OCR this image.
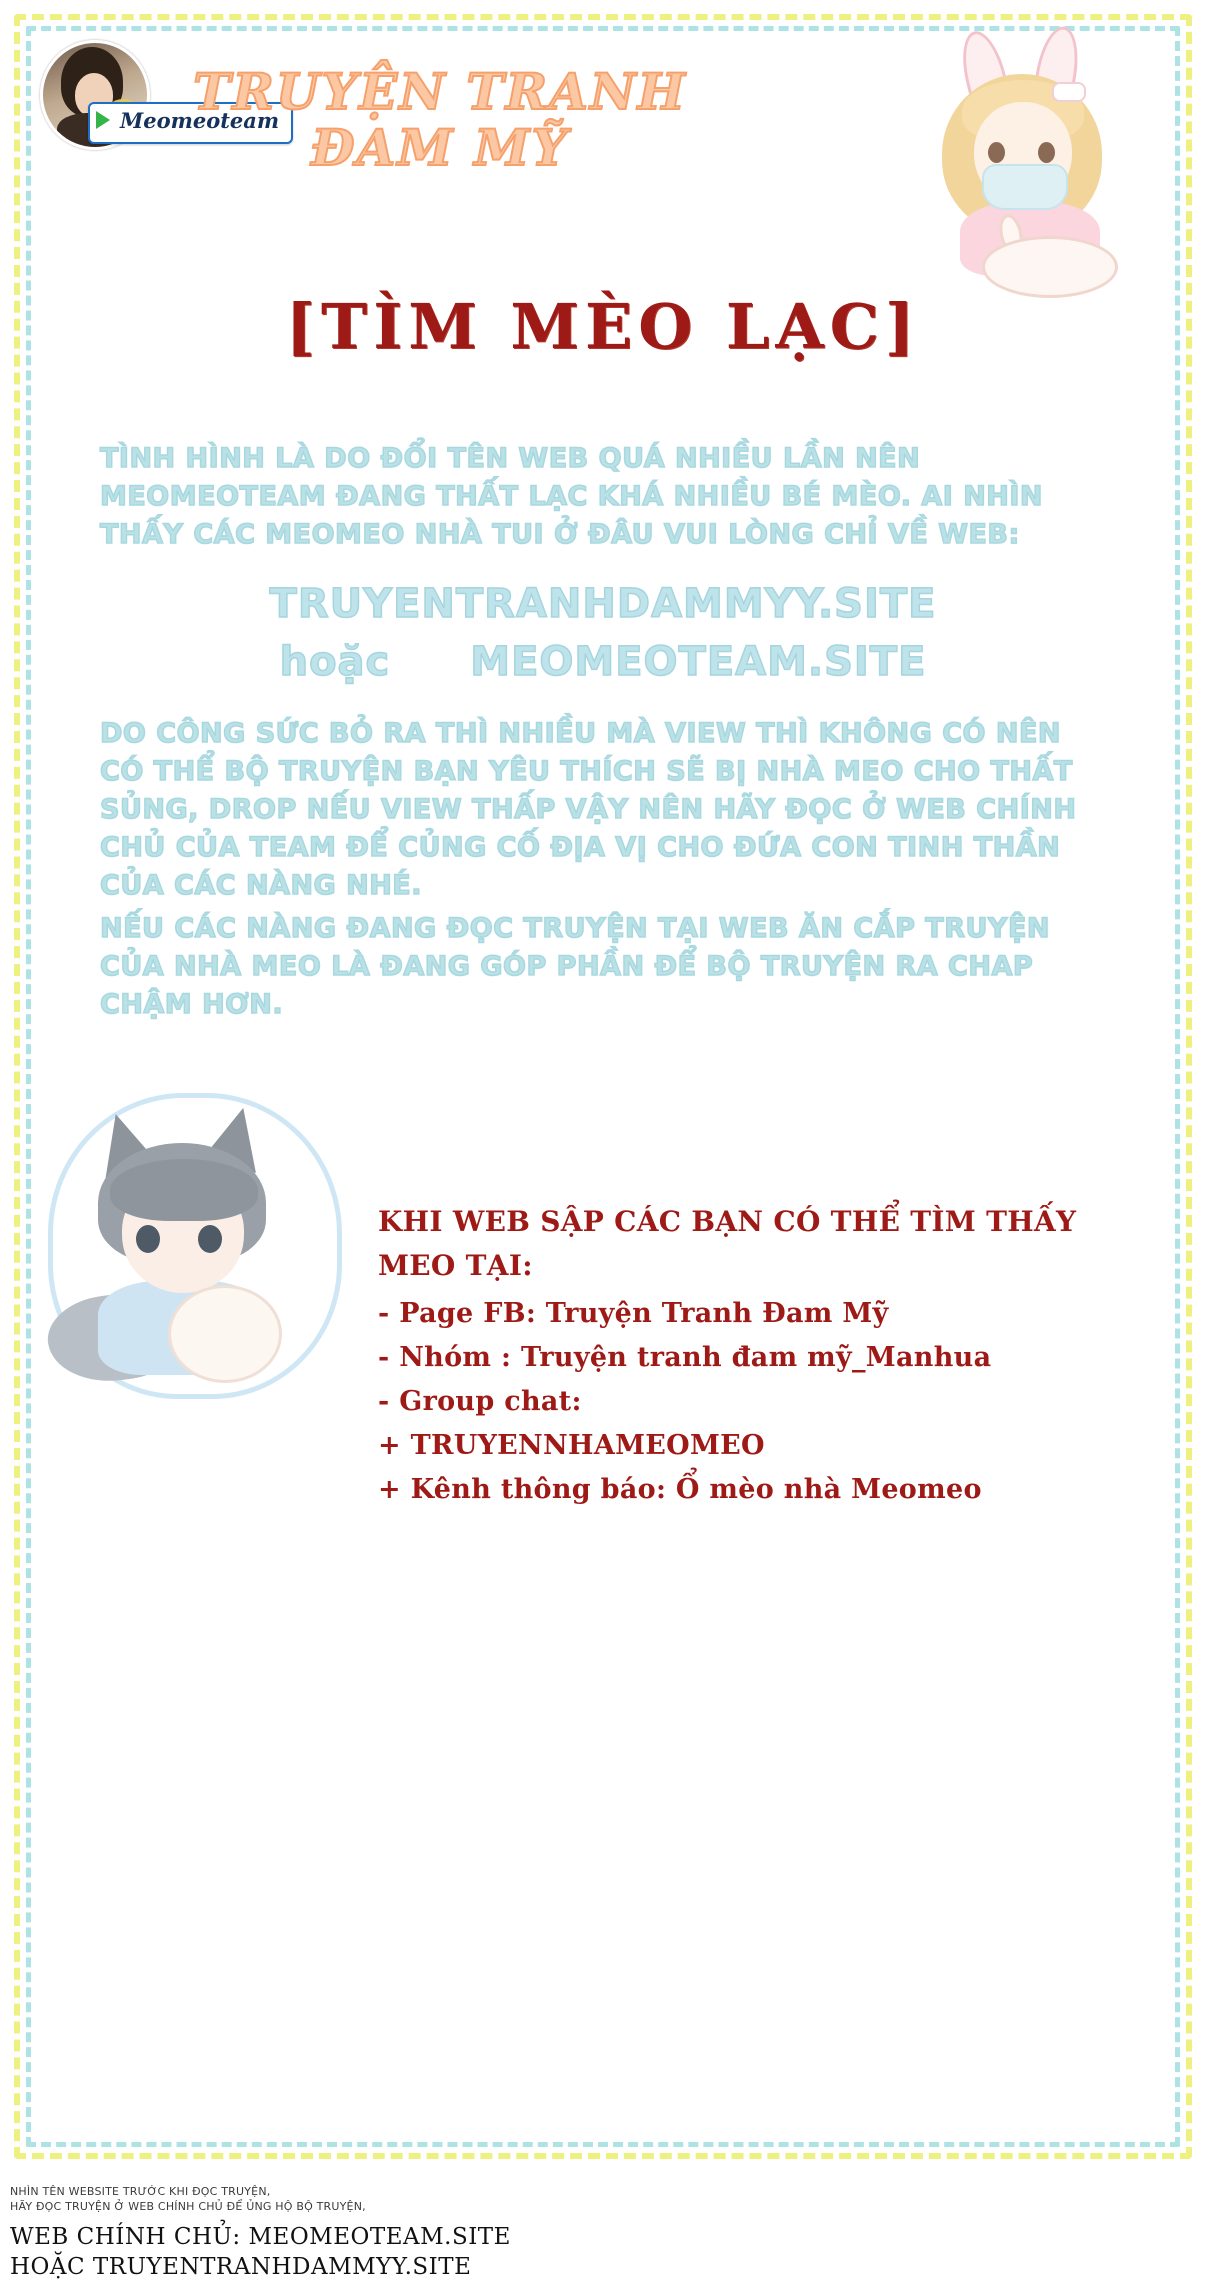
Meomeoteam
TRUYỆN TRANH
ĐAM MỸ
[TÌM MÈO LẠC]
TÌNH HÌNH LÀ DO ĐỔI TÊN WEB QUÁ NHIỀU LẦN NÊN MEOMEOTEAM ĐANG THẤT LẠC KHÁ NHIỀU BÉ MÈO. AI NHÌN THẤY CÁC MEOMEO NHÀ TUI Ở ĐÂU VUI LÒNG CHỈ VỀ WEB:
TRUYENTRANHDAMMYY.SITE
hoặc MEOMEOTEAM.SITE
DO CÔNG SỨC BỎ RA THÌ NHIỀU MÀ VIEW THÌ KHÔNG CÓ NÊN CÓ THỂ BỘ TRUYỆN BẠN YÊU THÍCH SẼ BỊ NHÀ MEO CHO THẤT SỦNG, DROP NẾU VIEW THẤP VẬY NÊN HÃY ĐỌC Ở WEB CHÍNH CHỦ CỦA TEAM ĐỂ CỦNG CỐ ĐỊA VỊ CHO ĐỨA CON TINH THẦN CỦA CÁC NÀNG NHÉ.
NẾU CÁC NÀNG ĐANG ĐỌC TRUYỆN TẠI WEB ĂN CẮP TRUYỆN CỦA NHÀ MEO LÀ ĐANG GÓP PHẦN ĐỂ BỘ TRUYỆN RA CHAP CHẬM HƠN.
KHI WEB SẬP CÁC BẠN CÓ THỂ TÌM THẤY MEO TẠI:
- Page FB: Truyện Tranh Đam Mỹ
- Nhóm : Truyện tranh đam mỹ_Manhua
- Group chat:
+ TRUYENNHAMEOMEO
+ Kênh thông báo: Ổ mèo nhà Meomeo
NHÌN TÊN WEBSITE TRƯỚC KHI ĐỌC TRUYỆN,
HÃY ĐỌC TRUYỆN Ở WEB CHÍNH CHỦ ĐỂ ỦNG HỘ BỘ TRUYỆN,
WEB CHÍNH CHỦ: MEOMEOTEAM.SITE
HOẶC TRUYENTRANHDAMMYY.SITE
